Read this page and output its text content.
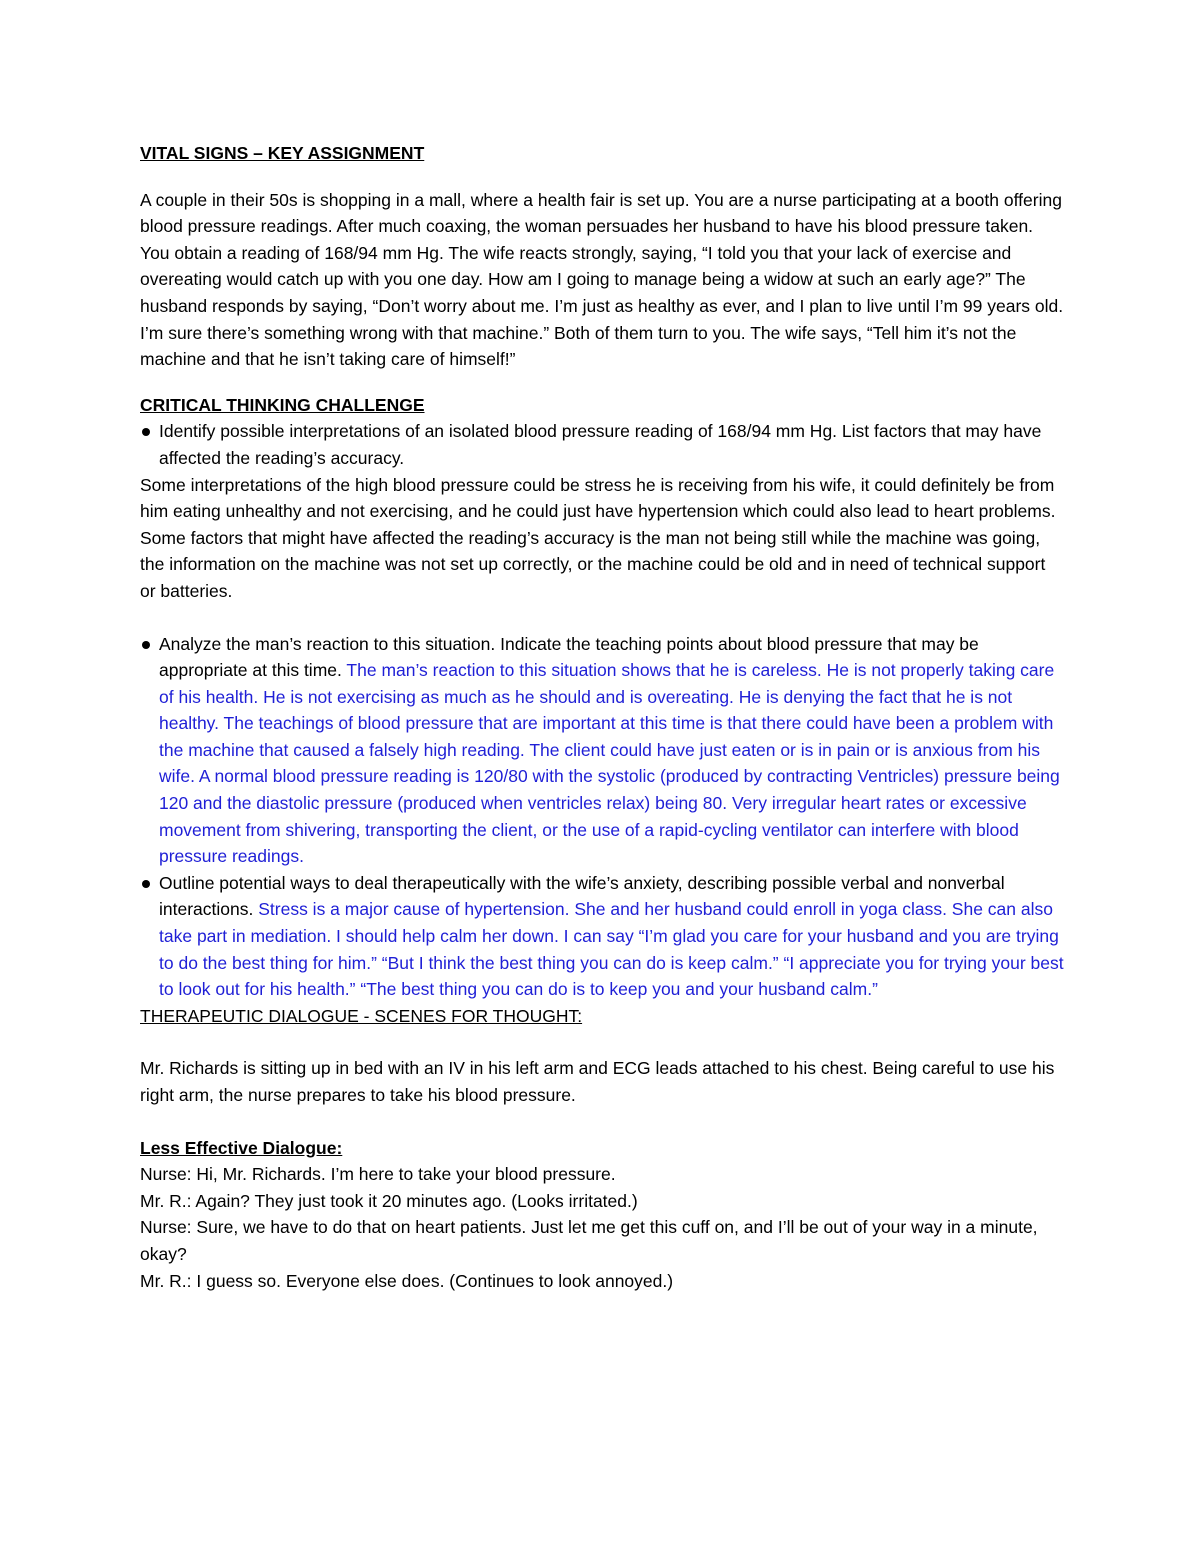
VITAL SIGNS – KEY ASSIGNMENT

A couple in their 50s is shopping in a mall, where a health fair is set up. You are a nurse participating at a booth offering blood pressure readings. After much coaxing, the woman persuades her husband to have his blood pressure taken. You obtain a reading of 168/94 mm Hg. The wife reacts strongly, saying, “I told you that your lack of exercise and overeating would catch up with you one day. How am I going to manage being a widow at such an early age?” The husband responds by saying, “Don’t worry about me. I’m just as healthy as ever, and I plan to live until I’m 99 years old. I’m sure there’s something wrong with that machine.” Both of them turn to you. The wife says, “Tell him it’s not the machine and that he isn’t taking care of himself!”

CRITICAL THINKING CHALLENGE

Identify possible interpretations of an isolated blood pressure reading of 168/94 mm Hg. List factors that may have affected the reading’s accuracy.

Some interpretations of the high blood pressure could be stress he is receiving from his wife, it could definitely be from him eating unhealthy and not exercising, and he could just have hypertension which could also lead to heart problems. Some factors that might have affected the reading’s accuracy is the man not being still while the machine was going, the information on the machine was not set up correctly, or the machine could be old and in need of technical support or batteries.

Analyze the man’s reaction to this situation. Indicate the teaching points about blood pressure that may be appropriate at this time. The man’s reaction to this situation shows that he is careless. He is not properly taking care of his health. He is not exercising as much as he should and is overeating. He is denying the fact that he is not healthy. The teachings of blood pressure that are important at this time is that there could have been a problem with the machine that caused a falsely high reading. The client could have just eaten or is in pain or is anxious from his wife. A normal blood pressure reading is 120/80 with the systolic (produced by contracting Ventricles) pressure being 120 and the diastolic pressure (produced when ventricles relax) being 80. Very irregular heart rates or excessive movement from shivering, transporting the client, or the use of a rapid-cycling ventilator can interfere with blood pressure readings.
Outline potential ways to deal therapeutically with the wife’s anxiety, describing possible verbal and nonverbal interactions. Stress is a major cause of hypertension. She and her husband could enroll in yoga class. She can also take part in mediation. I should help calm her down. I can say “I’m glad you care for your husband and you are trying to do the best thing for him.” “But I think the best thing you can do is keep calm.” “I appreciate you for trying your best to look out for his health.” “The best thing you can do is to keep you and your husband calm.”

THERAPEUTIC DIALOGUE - SCENES FOR THOUGHT:

Mr. Richards is sitting up in bed with an IV in his left arm and ECG leads attached to his chest. Being careful to use his right arm, the nurse prepares to take his blood pressure.

Less Effective Dialogue:

Nurse: Hi, Mr. Richards. I’m here to take your blood pressure.

Mr. R.: Again? They just took it 20 minutes ago. (Looks irritated.)

Nurse: Sure, we have to do that on heart patients. Just let me get this cuff on, and I’ll be out of your way in a minute, okay?

Mr. R.: I guess so. Everyone else does. (Continues to look annoyed.)
